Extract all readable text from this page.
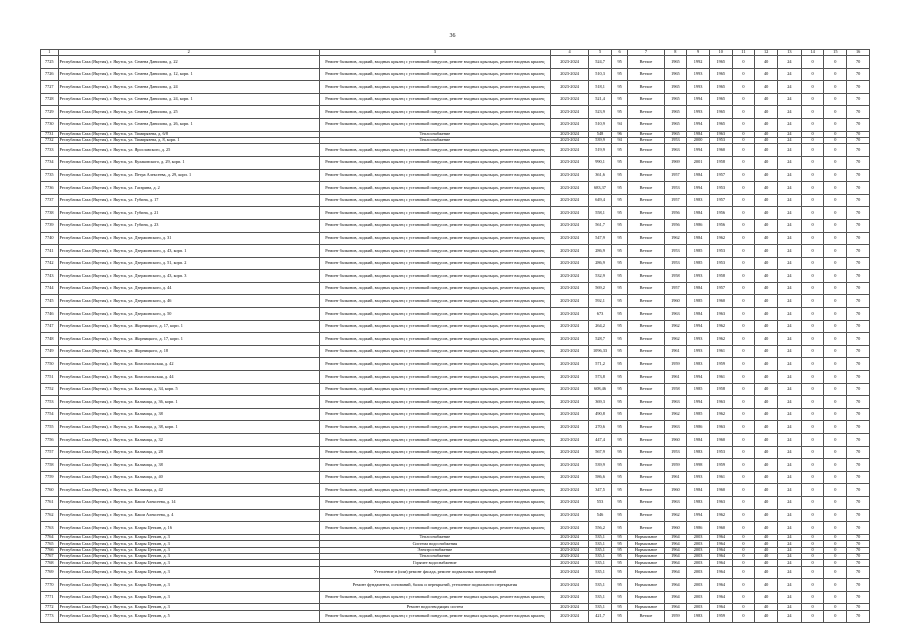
36
1	2	3	4	5	6	7	8	9	10	11	12	13	14	15	16
7725	Республика Саха (Якутия), г. Якутск, ул. Семена Данилова, д. 22	Ремонт балконов, лоджий, входных крылец с установкой пандусов, ремонт входных крыльцах, ремонт входных крылец	2023-2024	524,7	95	Ветхое	1965	1992	1965	0	40	24	0	0	70
7726	Республика Саха (Якутия), г. Якутск, ул. Семена Данилова, д. 12, корп. 1	Ремонт балконов, лоджий, входных крылец с установкой пандусов, ремонт входных крыльцах, ремонт входных крылец	2023-2024	510,3	95	Ветхое	1965	1993	1965	0	40	24	0	0	70
7727	Республика Саха (Якутия), г. Якутск, ул. Семена Данилова, д. 24	Ремонт балконов, лоджий, входных крылец с установкой пандусов, ремонт входных крыльцах, ремонт входных крылец	2023-2024	518,1	95	Ветхое	1965	1993	1965	0	40	24	0	0	70
7728	Республика Саха (Якутия), г. Якутск, ул. Семена Данилова, д. 24, корп. 1	Ремонт балконов, лоджий, входных крылец с установкой пандусов, ремонт входных крыльцах, ремонт входных крылец	2023-2024	521,4	95	Ветхое	1965	1994	1965	0	40	24	0	0	70
7729	Республика Саха (Якутия), г. Якутск, ул. Семена Данилова, д. 25	Ремонт балконов, лоджий, входных крылец с установкой пандусов, ремонт входных крыльцах, ремонт входных крылец	2023-2024	523,9	95	Ветхое	1965	1993	1965	0	40	24	0	0	70
7730	Республика Саха (Якутия), г. Якутск, ул. Семена Данилова, д. 26, корп. 1	Ремонт балконов, лоджий, входных крылец с установкой пандусов, ремонт входных крыльцах, ремонт входных крылец	2023-2024	510,9	94	Ветхое	1965	1994	1965	0	40	24	0	0	70
7731	Республика Саха (Якутия), г. Якутск, ул. Тимирязева, д. 6/8	Теплоснабжение	2023-2024	548	96	Ветхое	1965	1984	1963	0	40	24	0	0	70
7732	Республика Саха (Якутия), г. Якутск, ул. Тимирязева, д. 8, корп. 1	Теплоснабжение	2023-2024	539,9	94	Ветхое	1953	2000	1953	0	40	24	0	0	70
7733	Республика Саха (Якутия), г. Якутск, ул. Ярославского, д. 25	Ремонт балконов, лоджий, входных крылец с установкой пандусов, ремонт входных крыльцах, ремонт входных крылец	2023-2024	519,9	95	Ветхое	1963	1994	1960	0	40	24	0	0	70
7734	Республика Саха (Якутия), г. Якутск, ул. Кулаковского, д. 29, корп. 1	Ремонт балконов, лоджий, входных крылец с установкой пандусов, ремонт входных крыльцах, ремонт входных крылец	2023-2024	990,1	95	Ветхое	1969	2001	1958	0	40	24	0	0	70
7735	Республика Саха (Якутия), г. Якутск, ул. Петра Алексеева, д. 29, корп. 1	Ремонт балконов, лоджий, входных крылец с установкой пандусов, ремонт входных крыльцах, ремонт входных крылец	2023-2024	361,6	95	Ветхое	1957	1984	1957	0	40	24	0	0	70
7736	Республика Саха (Якутия), г. Якутск, ул. Гагарина, д. 2	Ремонт балконов, лоджий, входных крылец с установкой пандусов, ремонт входных крыльцах, ремонт входных крылец	2023-2024	683,37	95	Ветхое	1953	1994	1953	0	40	24	0	0	70
7737	Республика Саха (Якутия), г. Якутск, ул. Губина, д. 17	Ремонт балконов, лоджий, входных крылец с установкой пандусов, ремонт входных крыльцах, ремонт входных крылец	2023-2024	649,4	95	Ветхое	1957	1983	1957	0	40	24	0	0	70
7738	Республика Саха (Якутия), г. Якутск, ул. Губина, д. 21	Ремонт балконов, лоджий, входных крылец с установкой пандусов, ремонт входных крыльцах, ремонт входных крылец	2023-2024	558,1	95	Ветхое	1956	1984	1956	0	40	24	0	0	70
7739	Республика Саха (Якутия), г. Якутск, ул. Губина, д. 23	Ремонт балконов, лоджий, входных крылец с установкой пандусов, ремонт входных крыльцах, ремонт входных крылец	2023-2024	561,7	95	Ветхое	1956	1986	1956	0	40	24	0	0	70
7740	Республика Саха (Якутия), г. Якутск, ул. Дзержинского, д. 31	Ремонт балконов, лоджий, входных крылец с установкой пандусов, ремонт входных крыльцах, ремонт входных крылец	2023-2024	547,9	95	Ветхое	1962	1984	1962	0	40	24	0	0	70
7741	Республика Саха (Якутия), г. Якутск, ул. Дзержинского, д. 43, корп. 1	Ремонт балконов, лоджий, входных крылец с установкой пандусов, ремонт входных крыльцах, ремонт входных крылец	2023-2024	286,9	95	Ветхое	1953	1985	1953	0	40	24	0	0	70
7742	Республика Саха (Якутия), г. Якутск, ул. Дзержинского, д. 51, корп. 2	Ремонт балконов, лоджий, входных крылец с установкой пандусов, ремонт входных крыльцах, ремонт входных крылец	2023-2024	286,9	95	Ветхое	1953	1985	1953	0	40	24	0	0	70
7743	Республика Саха (Якутия), г. Якутск, ул. Дзержинского, д. 43, корп. 3	Ремонт балконов, лоджий, входных крылец с установкой пандусов, ремонт входных крыльцах, ремонт входных крылец	2023-2024	532,9	95	Ветхое	1958	1993	1958	0	40	24	0	0	70
7744	Республика Саха (Якутия), г. Якутск, ул. Дзержинского, д. 44	Ремонт балконов, лоджий, входных крылец с установкой пандусов, ремонт входных крыльцах, ремонт входных крылец	2023-2024	569,2	95	Ветхое	1957	1984	1957	0	40	24	0	0	70
7745	Республика Саха (Якутия), г. Якутск, ул. Дзержинского, д. 46	Ремонт балконов, лоджий, входных крылец с установкой пандусов, ремонт входных крыльцах, ремонт входных крылец	2023-2024	592,1	95	Ветхое	1960	1985	1960	0	40	24	0	0	70
7746	Республика Саха (Якутия), г. Якутск, ул. Дзержинского, д. 50	Ремонт балконов, лоджий, входных крылец с установкой пандусов, ремонт входных крыльцах, ремонт входных крылец	2023-2024	673	95	Ветхое	1963	1984	1963	0	40	24	0	0	70
7747	Республика Саха (Якутия), г. Якутск, ул. Жорницкого, д. 17, корп. 1	Ремонт балконов, лоджий, входных крылец с установкой пандусов, ремонт входных крыльцах, ремонт входных крылец	2023-2024	264,2	95	Ветхое	1962	1994	1962	0	40	24	0	0	70
7748	Республика Саха (Якутия), г. Якутск, ул. Жорницкого, д. 17, корп. 1	Ремонт балконов, лоджий, входных крылец с установкой пандусов, ремонт входных крыльцах, ремонт входных крылец	2023-2024	528,7	95	Ветхое	1962	1993	1962	0	40	24	0	0	70
7749	Республика Саха (Якутия), г. Якутск, ул. Жорницкого, д. 18	Ремонт балконов, лоджий, входных крылец с установкой пандусов, ремонт входных крыльцах, ремонт входных крылец	2023-2024	1096,33	95	Ветхое	1961	1993	1961	0	40	24	0	0	70
7750	Республика Саха (Якутия), г. Якутск, ул. Комсомольская, д. 42	Ремонт балконов, лоджий, входных крылец с установкой пандусов, ремонт входных крыльцах, ремонт входных крылец	2023-2024	571,2	95	Ветхое	1959	1983	1959	0	40	24	0	0	70
7751	Республика Саха (Якутия), г. Якутск, ул. Комсомольская, д. 44	Ремонт балконов, лоджий, входных крылец с установкой пандусов, ремонт входных крыльцах, ремонт входных крылец	2023-2024	573,8	95	Ветхое	1961	1994	1961	0	40	24	0	0	70
7752	Республика Саха (Якутия), г. Якутск, ул. Кальвица, д. 34, корп. 5	Ремонт балконов, лоджий, входных крылец с установкой пандусов, ремонт входных крыльцах, ремонт входных крылец	2023-2024	608,46	95	Ветхое	1958	1985	1958	0	40	24	0	0	70
7753	Республика Саха (Якутия), г. Якутск, ул. Кальвица, д. 36, корп. 1	Ремонт балконов, лоджий, входных крылец с установкой пандусов, ремонт входных крыльцах, ремонт входных крылец	2023-2024	369,3	95	Ветхое	1963	1994	1963	0	40	24	0	0	70
7754	Республика Саха (Якутия), г. Якутск, ул. Кальвица, д. 38	Ремонт балконов, лоджий, входных крылец с установкой пандусов, ремонт входных крыльцах, ремонт входных крылец	2023-2024	490,8	95	Ветхое	1962	1985	1962	0	40	24	0	0	70
7755	Республика Саха (Якутия), г. Якутск, ул. Кальвица, д. 38, корп. 1	Ремонт балконов, лоджий, входных крылец с установкой пандусов, ремонт входных крыльцах, ремонт входных крылец	2023-2024	270,6	95	Ветхое	1963	1986	1963	0	40	24	0	0	70
7756	Республика Саха (Якутия), г. Якутск, ул. Кальвица, д. 32	Ремонт балконов, лоджий, входных крылец с установкой пандусов, ремонт входных крыльцах, ремонт входных крылец	2023-2024	447,4	95	Ветхое	1960	1984	1960	0	40	24	0	0	70
7757	Республика Саха (Якутия), г. Якутск, ул. Кальвица, д. 28	Ремонт балконов, лоджий, входных крылец с установкой пандусов, ремонт входных крыльцах, ремонт входных крылец	2023-2024	567,9	95	Ветхое	1953	1983	1953	0	40	24	0	0	70
7758	Республика Саха (Якутия), г. Якутск, ул. Кальвица, д. 38	Ремонт балконов, лоджий, входных крылец с установкой пандусов, ремонт входных крыльцах, ремонт входных крылец	2023-2024	539,9	95	Ветхое	1959	1998	1959	0	40	24	0	0	70
7759	Республика Саха (Якутия), г. Якутск, ул. Кальвица, д. 40	Ремонт балконов, лоджий, входных крылец с установкой пандусов, ремонт входных крыльцах, ремонт входных крылец	2023-2024	586,6	95	Ветхое	1961	1993	1961	0	40	24	0	0	70
7760	Республика Саха (Якутия), г. Якутск, ул. Кальвица, д. 42	Ремонт балконов, лоджий, входных крылец с установкой пандусов, ремонт входных крыльцах, ремонт входных крылец	2023-2024	347,5	95	Ветхое	1960	1984	1960	0	40	24	0	0	70
7761	Республика Саха (Якутия), г. Якутск, ул. Каши Алексеева, д. 14	Ремонт балконов, лоджий, входных крылец с установкой пандусов, ремонт входных крыльцах, ремонт входных крылец	2023-2024	553	95	Ветхое	1963	1983	1963	0	40	24	0	0	70
7762	Республика Саха (Якутия), г. Якутск, ул. Каши Алексеева, д. 4	Ремонт балконов, лоджий, входных крылец с установкой пандусов, ремонт входных крыльцах, ремонт входных крылец	2023-2024	546	95	Ветхое	1962	1994	1962	0	40	24	0	0	70
7763	Республика Саха (Якутия), г. Якутск, ул. Клары Цеткин, д. 16	Ремонт балконов, лоджий, входных крылец с установкой пандусов, ремонт входных крыльцах, ремонт входных крылец	2023-2024	556,2	95	Ветхое	1960	1986	1960	0	40	24	0	0	70
7764	Республика Саха (Якутия), г. Якутск, ул. Клары Цеткин, д. 3	Теплоснабжение	2023-2024	535,1	95	Нормальное	1964	2003	1964	0	40	24	0	0	70
7765	Республика Саха (Якутия), г. Якутск, ул. Клары Цеткин, д. 3	Система водоснабжения	2023-2024	535,1	95	Нормальное	1964	2003	1964	0	40	24	0	0	70
7766	Республика Саха (Якутия), г. Якутск, ул. Клары Цеткин, д. 3	Электроснабжение	2023-2024	535,1	95	Нормальное	1964	2003	1964	0	40	24	0	0	70
7767	Республика Саха (Якутия), г. Якутск, ул. Клары Цеткин, д. 3	Теплоснабжение	2023-2024	535,1	95	Нормальное	1964	2003	1964	0	40	24	0	0	70
7768	Республика Саха (Якутия), г. Якутск, ул. Клары Цеткин, д. 3	Горячее водоснабжение	2023-2024	535,1	95	Нормальное	1964	2003	1964	0	40	24	0	0	70
7769	Республика Саха (Якутия), г. Якутск, ул. Клары Цеткин, д. 3	Утепление и (или) ремонт фасада, ремонт подвальных помещений	2023-2024	535,1	95	Нормальное	1964	2003	1964	0	40	24	0	0	70
7770	Республика Саха (Якутия), г. Якутск, ул. Клары Цеткин, д. 3	Ремонт фундамента, оснований, балок и перекрытий, утепление подвального перекрытия	2023-2024	535,1	95	Нормальное	1964	2003	1964	0	40	24	0	0	70
7771	Республика Саха (Якутия), г. Якутск, ул. Клары Цеткин, д. 3	Ремонт балконов, лоджий, входных крылец с установкой пандусов, ремонт входных крыльцах, ремонт входных крылец	2023-2024	535,1	95	Нормальное	1964	2003	1964	0	40	24	0	0	70
7772	Республика Саха (Якутия), г. Якутск, ул. Клары Цеткин, д. 3	Ремонт водоотводящих систем	2023-2024	535,1	95	Нормальное	1964	2003	1964	0	40	24	0	0	70
7773	Республика Саха (Якутия), г. Якутск, ул. Клары Цеткин, д. 5	Ремонт балконов, лоджий, входных крылец с установкой пандусов, ремонт входных крыльцах, ремонт входных крылец	2023-2024	421,7	95	Ветхое	1959	1983	1959	0	40	24	0	0	70
